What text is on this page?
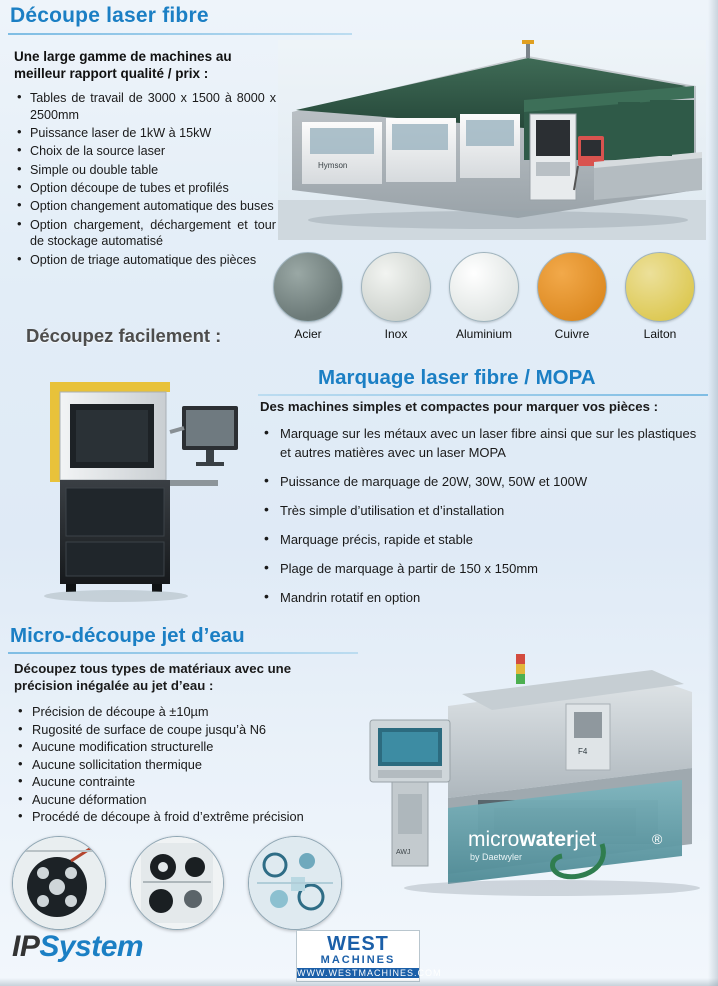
Découpe laser fibre
Une large gamme de machines au meilleur rapport qualité / prix :
• Tables de travail de 3000 x 1500 à 8000 x 2500mm
• Puissance laser de 1kW à 15kW
• Choix de la source laser
• Simple ou double table
• Option découpe de tubes et profilés
• Option changement automatique des buses
• Option chargement, déchargement et tour de stockage automatisé
• Option de triage automatique des pièces
Hymson
Acier	Inox	Aluminium	Cuivre	Laiton
Découpez facilement :
Marquage laser fibre / MOPA
Des machines simples et compactes pour marquer vos pièces :
• Marquage sur les métaux avec un laser fibre ainsi que sur les plastiques et autres matières avec un laser MOPA
• Puissance de marquage de 20W, 30W, 50W et 100W
• Très simple d’utilisation et d’installation
• Marquage précis, rapide et stable
• Plage de marquage à partir de 150 x 150mm
• Mandrin rotatif en option
Micro-découpe jet d’eau
Découpez tous types de matériaux avec une précision inégalée au jet d’eau :
• Précision de découpe à ±10µm
• Rugosité de surface de coupe jusqu’à N6
• Aucune modification structurelle
• Aucune sollicitation thermique
• Aucune contrainte
• Aucune déformation
• Procédé de découpe à froid d’extrême précision
microwaterjet	®
by Daetwyler
AWJ
F4
IPSystem	WEST
MACHINES
WWW.WESTMACHINES.COM
